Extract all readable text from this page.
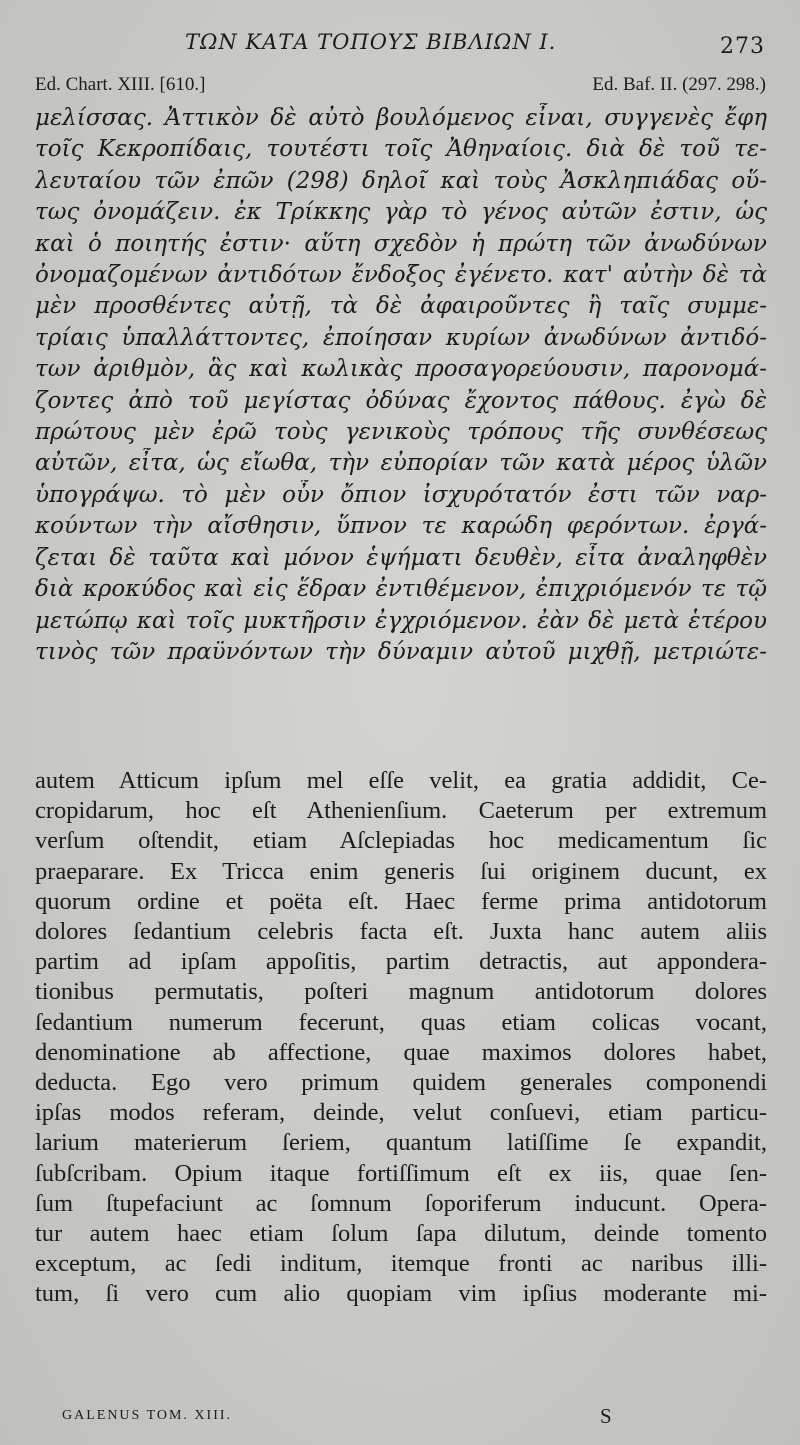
ΤΩΝ ΚΑΤΑ ΤΟΠΟΥΣ ΒΙΒΛΙΩΝ Ι.	273
Ed. Chart. XIII. [610.]	Ed. Baf. II. (297. 298.)
μελίσσας. Ἀττικὸν δὲ αὐτὸ βουλόμενος εἶναι, συγγενὲς ἔφη
τοῖς Κεκροπίδαις, τουτέστι τοῖς Ἀθηναίοις. διὰ δὲ τοῦ τε-
λευταίου τῶν ἐπῶν (298) δηλοῖ καὶ τοὺς Ἀσκληπιάδας οὕ-
τως ὀνομάζειν. ἐκ Τρίκκης γὰρ τὸ γένος αὐτῶν ἐστιν, ὡς
καὶ ὁ ποιητής ἐστιν· αὕτη σχεδὸν ἡ πρώτη τῶν ἀνωδύνων
ὀνομαζομένων ἀντιδότων ἔνδοξος ἐγένετο. κατ' αὐτὴν δὲ τὰ
μὲν προσθέντες αὐτῇ, τὰ δὲ ἀφαιροῦντες ἢ ταῖς συμμε-
τρίαις ὑπαλλάττοντες, ἐποίησαν κυρίων ἀνωδύνων ἀντιδό-
των ἀριθμὸν, ἃς καὶ κωλικὰς προσαγορεύουσιν, παρονομά-
ζοντες ἀπὸ τοῦ μεγίστας ὀδύνας ἔχοντος πάθους. ἐγὼ δὲ
πρώτους μὲν ἐρῶ τοὺς γενικοὺς τρόπους τῆς συνθέσεως
αὐτῶν, εἶτα, ὡς εἴωθα, τὴν εὐπορίαν τῶν κατὰ μέρος ὑλῶν
ὑπογράψω. τὸ μὲν οὖν ὄπιον ἰσχυρότατόν ἐστι τῶν ναρ-
κούντων τὴν αἴσθησιν, ὕπνον τε καρώδη φερόντων. ἐργά-
ζεται δὲ ταῦτα καὶ μόνον ἑψήματι δευθὲν, εἶτα ἀναληφθὲν
διὰ κροκύδος καὶ εἰς ἕδραν ἐντιθέμενον, ἐπιχριόμενόν τε τῷ
μετώπῳ καὶ τοῖς μυκτῆρσιν ἐγχριόμενον. ἐὰν δὲ μετὰ ἑτέρου
τινὸς τῶν πραϋνόντων τὴν δύναμιν αὐτοῦ μιχθῇ, μετριώτε-
autem Atticum ipſum mel eſſe velit, ea gratia addidit, Ce-
cropidarum, hoc eſt Athenienſium. Caeterum per extremum
verſum oſtendit, etiam Aſclepiadas hoc medicamentum ſic
praeparare. Ex Tricca enim generis ſui originem ducunt, ex
quorum ordine et poëta eſt. Haec ferme prima antidotorum
dolores ſedantium celebris facta eſt. Juxta hanc autem aliis
partim ad ipſam appoſitis, partim detractis, aut appondera-
tionibus permutatis, poſteri magnum antidotorum dolores
ſedantium numerum fecerunt, quas etiam colicas vocant,
denominatione ab affectione, quae maximos dolores habet,
deducta. Ego vero primum quidem generales componendi
ipſas modos referam, deinde, velut conſuevi, etiam particu-
larium materierum ſeriem, quantum latiſſime ſe expandit,
ſubſcribam. Opium itaque fortiſſimum eſt ex iis, quae ſen-
ſum ſtupefaciunt ac ſomnum ſoporiferum inducunt. Opera-
tur autem haec etiam ſolum ſapa dilutum, deinde tomento
exceptum, ac ſedi inditum, itemque fronti ac naribus illi-
tum, ſi vero cum alio quopiam vim ipſius moderante mi-
GALENUS TOM. XIII.	S
